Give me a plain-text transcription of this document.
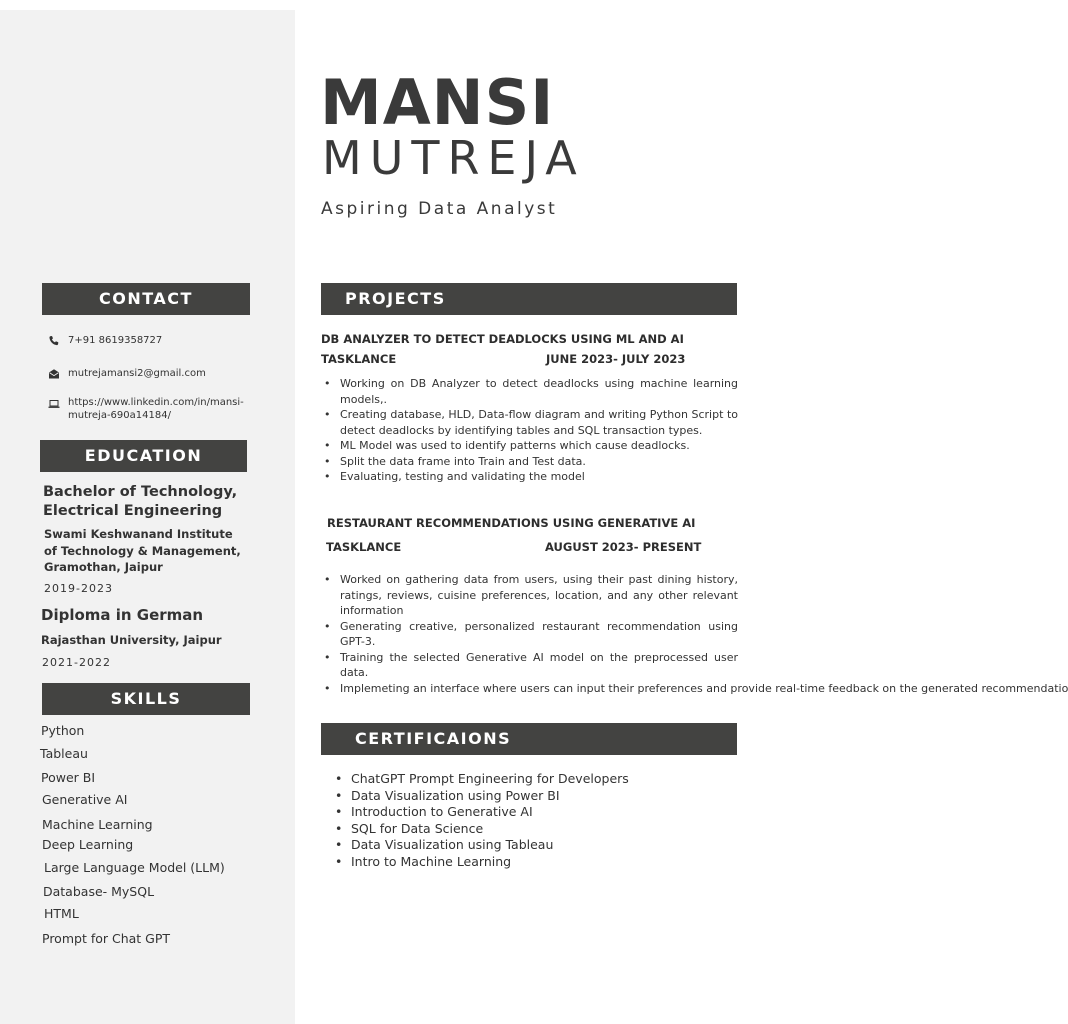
MANSI
MUTREJA
Aspiring Data Analyst
CONTACT
7+91 8619358727
mutrejamansi2@gmail.com
https://www.linkedin.com/in/mansi-
mutreja-690a14184/
EDUCATION
Bachelor of Technology,
Electrical Engineering
Swami Keshwanand Institute
of Technology & Management,
Gramothan, Jaipur
2019-2023
Diploma in German
Rajasthan University, Jaipur
2021-2022
SKILLS
Python
Tableau
Power BI
Generative AI
Machine Learning
Deep Learning
Large Language Model (LLM)
Database- MySQL
HTML
Prompt for Chat GPT
PROJECTS
DB ANALYZER TO DETECT DEADLOCKS USING ML AND AI
TASKLANCE	JUNE 2023- JULY 2023
• Working on DB Analyzer to detect deadlocks using machine learning models,.
• Creating database, HLD, Data-flow diagram and writing Python Script to detect deadlocks by identifying tables and SQL transaction types.
• ML Model was used to identify patterns which cause deadlocks.
• Split the data frame into Train and Test data.
• Evaluating, testing and validating the model
RESTAURANT RECOMMENDATIONS USING GENERATIVE AI
TASKLANCE	AUGUST 2023- PRESENT
• Worked on gathering data from users, using their past dining history, ratings, reviews, cuisine preferences, location, and any other relevant information
• Generating creative, personalized restaurant recommendation using GPT-3.
• Training the selected Generative AI model on the preprocessed user data.
• Implemeting an interface where users can input their preferences and provide real-time feedback on the generated recommendatio
CERTIFICAIONS
• ChatGPT Prompt Engineering for Developers
• Data Visualization using Power BI
• Introduction to Generative AI
• SQL for Data Science
• Data Visualization using Tableau
• Intro to Machine Learning
